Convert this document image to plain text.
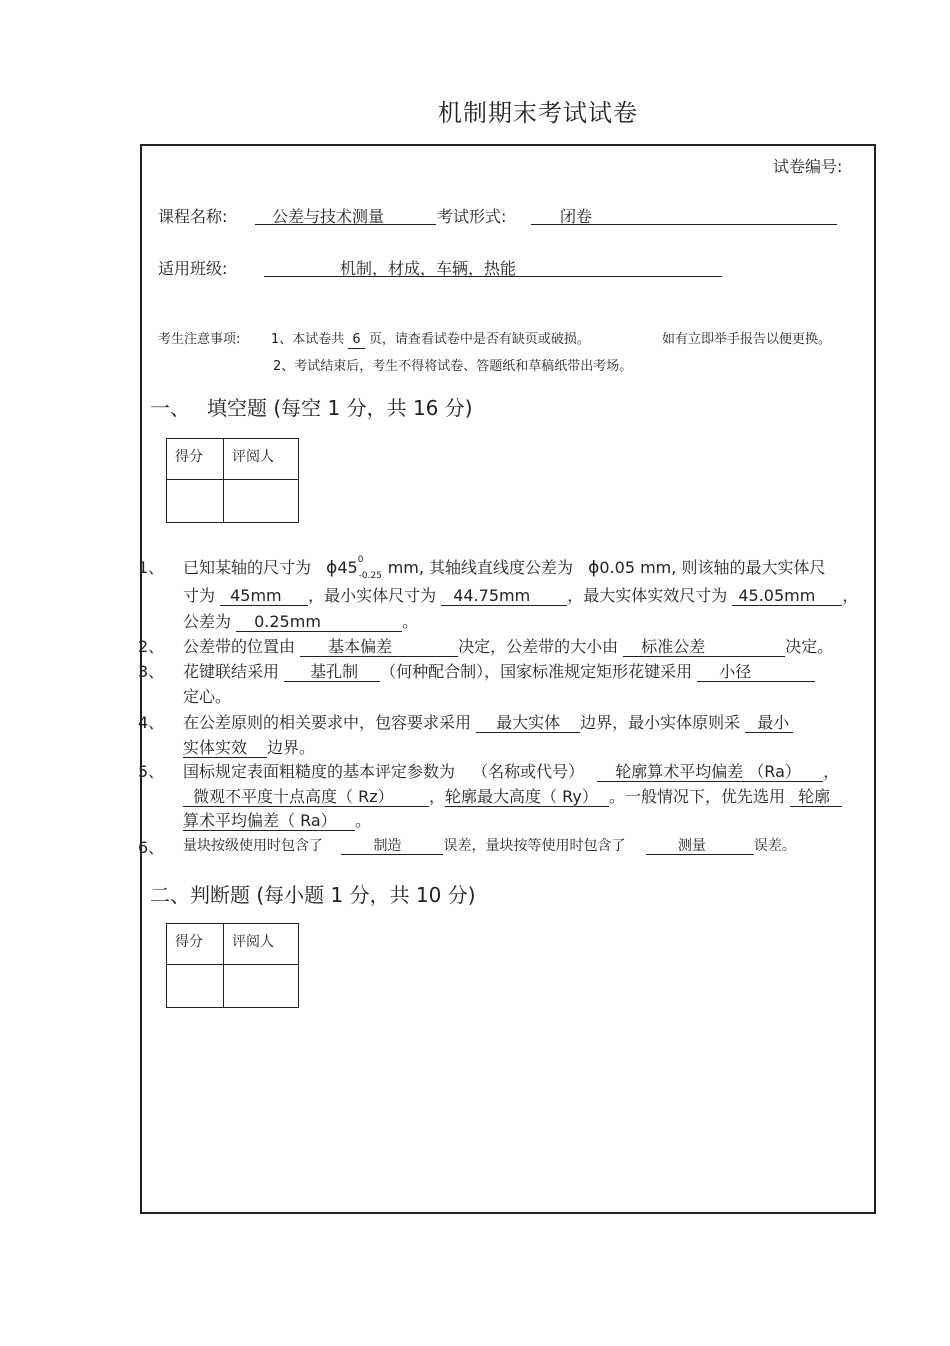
机制期末考试试卷
试卷编号:
课程名称:	公差与技术测量	考试形式:	闭卷
适用班级:	机制，材成，车辆，热能
考生注意事项: 1、本试卷共 6 页，请查看试卷中是否有缺页或破损。	如有立即举手报告以便更换。
2、考试结束后，考生不得将试卷、答题纸和草稿纸带出考场。
一、 填空题 (每空 1 分，共 16 分)
得分	评阅人

1、 已知某轴的尺寸为 ϕ45 0
-0.25 mm, 其轴线直线度公差为 ϕ0.05 mm, 则该轴的最大实体尺
寸为 45mm ，最小实体尺寸为 44.75mm ，最大实体实效尺寸为 45.05mm ，
公差为 0.25mm	。
2、 公差带的位置由 基本偏差	决定，公差带的大小由 标准公差	决定。
3、 花键联结采用 基孔制 （何种配合制），国家标准规定矩形花键采用 小径
定心。
4、 在公差原则的相关要求中，包容要求采用 最大实体 边界，最小实体原则采 最小
实体实效 边界。
5、 国标规定表面粗糙度的基本评定参数为 （名称或代号） 轮廓算术平均偏差 （Ra） ，
微观不平度十点高度（ Rz） ，轮廓最大高度（ Ry） 。一般情况下，优先选用 轮廓
算术平均偏差（ Ra） 。
6、 量块按级使用时包含了	制造	误差，量块按等使用时包含了	测量	误差。
二、判断题 (每小题 1 分，共 10 分)
得分	评阅人
